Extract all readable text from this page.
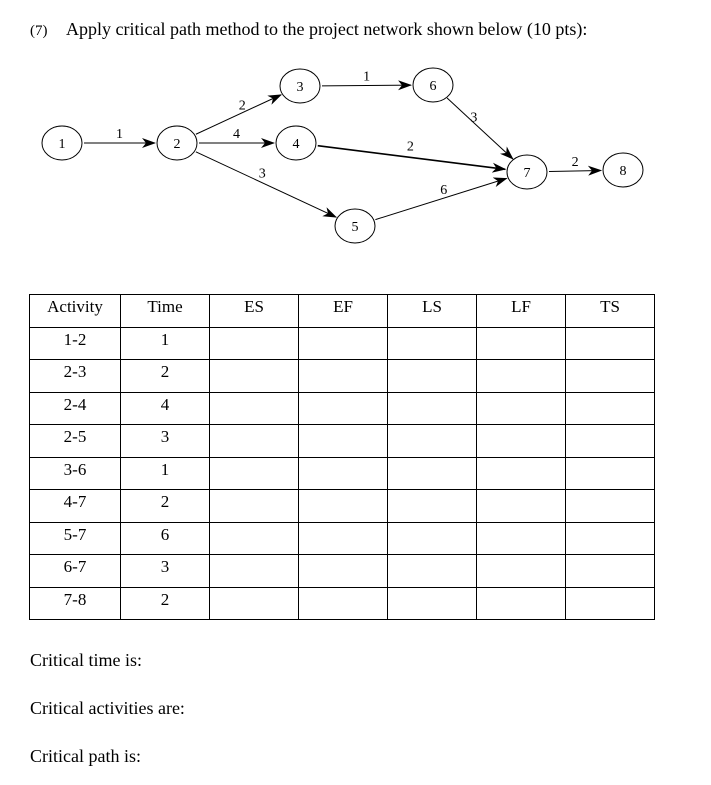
(7) Apply critical path method to the project network shown below (10 pts):
1
2
4
3
1
2
6
3
2
1	2
3
4
5
6
7	8
Activity	Time	ES	EF	LS	LF	TS
1-2	1					
2-3	2					
2-4	4					
2-5	3					
3-6	1					
4-7	2					
5-7	6					
6-7	3					
7-8	2					
Critical time is:
Critical activities are:
Critical path is:
